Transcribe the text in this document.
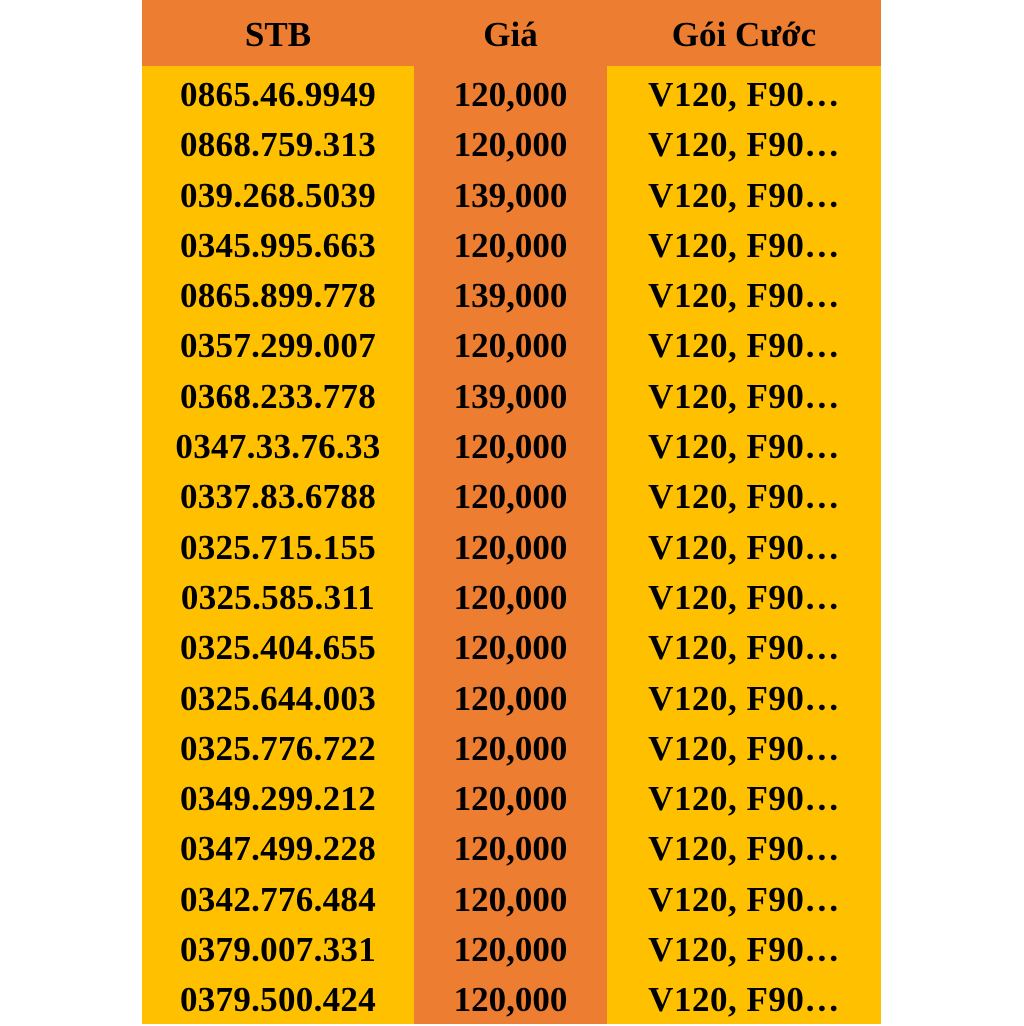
STB	Giá	Gói Cước
0865.46.9949	120,000	V120, F90…
0868.759.313	120,000	V120, F90…
039.268.5039	139,000	V120, F90…
0345.995.663	120,000	V120, F90…
0865.899.778	139,000	V120, F90…
0357.299.007	120,000	V120, F90…
0368.233.778	139,000	V120, F90…
0347.33.76.33	120,000	V120, F90…
0337.83.6788	120,000	V120, F90…
0325.715.155	120,000	V120, F90…
0325.585.311	120,000	V120, F90…
0325.404.655	120,000	V120, F90…
0325.644.003	120,000	V120, F90…
0325.776.722	120,000	V120, F90…
0349.299.212	120,000	V120, F90…
0347.499.228	120,000	V120, F90…
0342.776.484	120,000	V120, F90…
0379.007.331	120,000	V120, F90…
0379.500.424	120,000	V120, F90…
